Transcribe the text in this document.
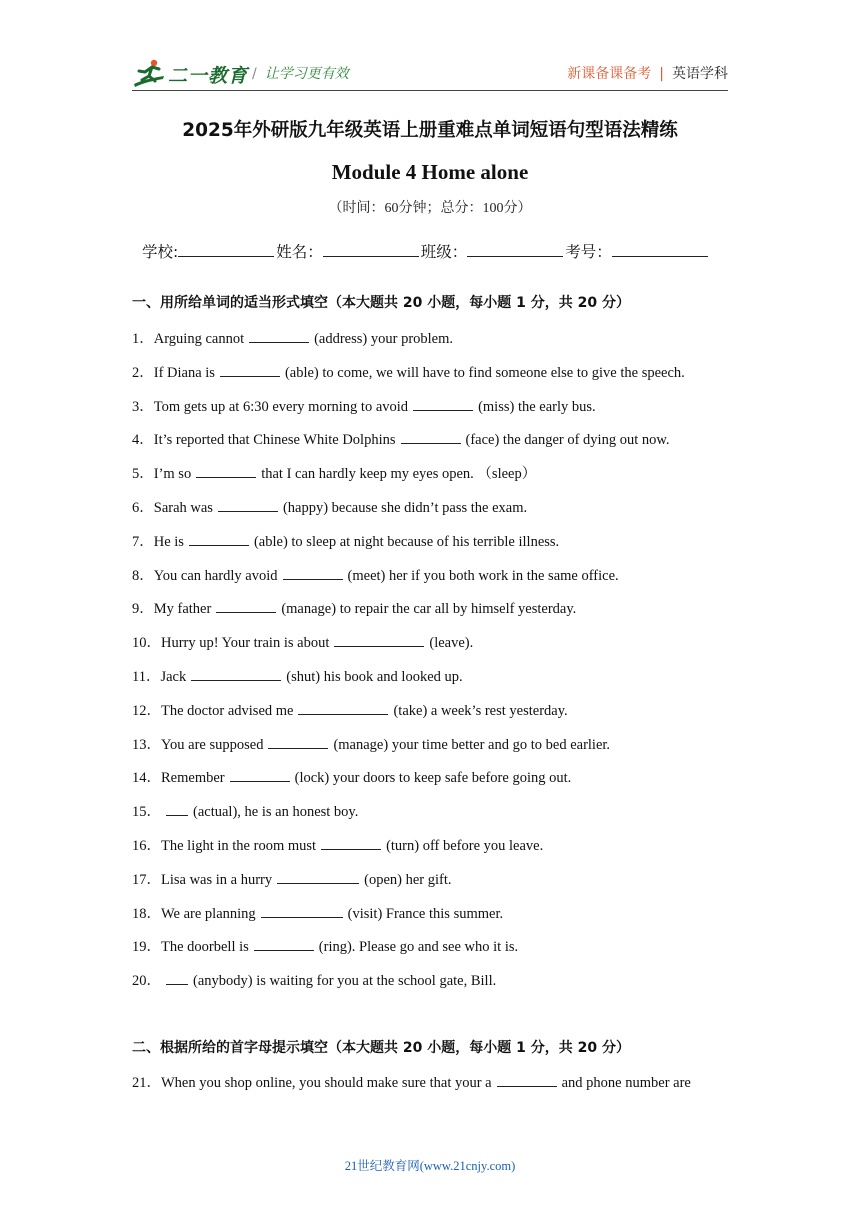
二一教育 / 让学习更有效	新课备课备考 | 英语学科
2025年外研版九年级英语上册重难点单词短语句型语法精练
Module 4 Home alone
（时间：60分钟；总分：100分）
学校:	姓名：	班级：	考号：
一、用所给单词的适当形式填空（本大题共 20 小题，每小题 1 分，共 20 分）
1．Arguing cannot	(address) your problem.
2．If Diana is	(able) to come, we will have to find someone else to give the speech.
3．Tom gets up at 6:30 every morning to avoid	(miss) the early bus.
4．It’s reported that Chinese White Dolphins	(face) the danger of dying out now.
5．I’m so	that I can hardly keep my eyes open. （sleep）
6．Sarah was	(happy) because she didn’t pass the exam.
7．He is	(able) to sleep at night because of his terrible illness.
8．You can hardly avoid	(meet) her if you both work in the same office.
9．My father	(manage) to repair the car all by himself yesterday.
10．Hurry up! Your train is about	(leave).
11．Jack	(shut) his book and looked up.
12．The doctor advised me	(take) a week’s rest yesterday.
13．You are supposed	(manage) your time better and go to bed earlier.
14．Remember	(lock) your doors to keep safe before going out.
15． (actual), he is an honest boy.
16．The light in the room must	(turn) off before you leave.
17．Lisa was in a hurry	(open) her gift.
18．We are planning	(visit) France this summer.
19．The doorbell is	(ring). Please go and see who it is.
20． (anybody) is waiting for you at the school gate, Bill.
二、根据所给的首字母提示填空（本大题共 20 小题，每小题 1 分，共 20 分）
21．When you shop online, you should make sure that your a	and phone number are
21世纪教育网(www.21cnjy.com)
